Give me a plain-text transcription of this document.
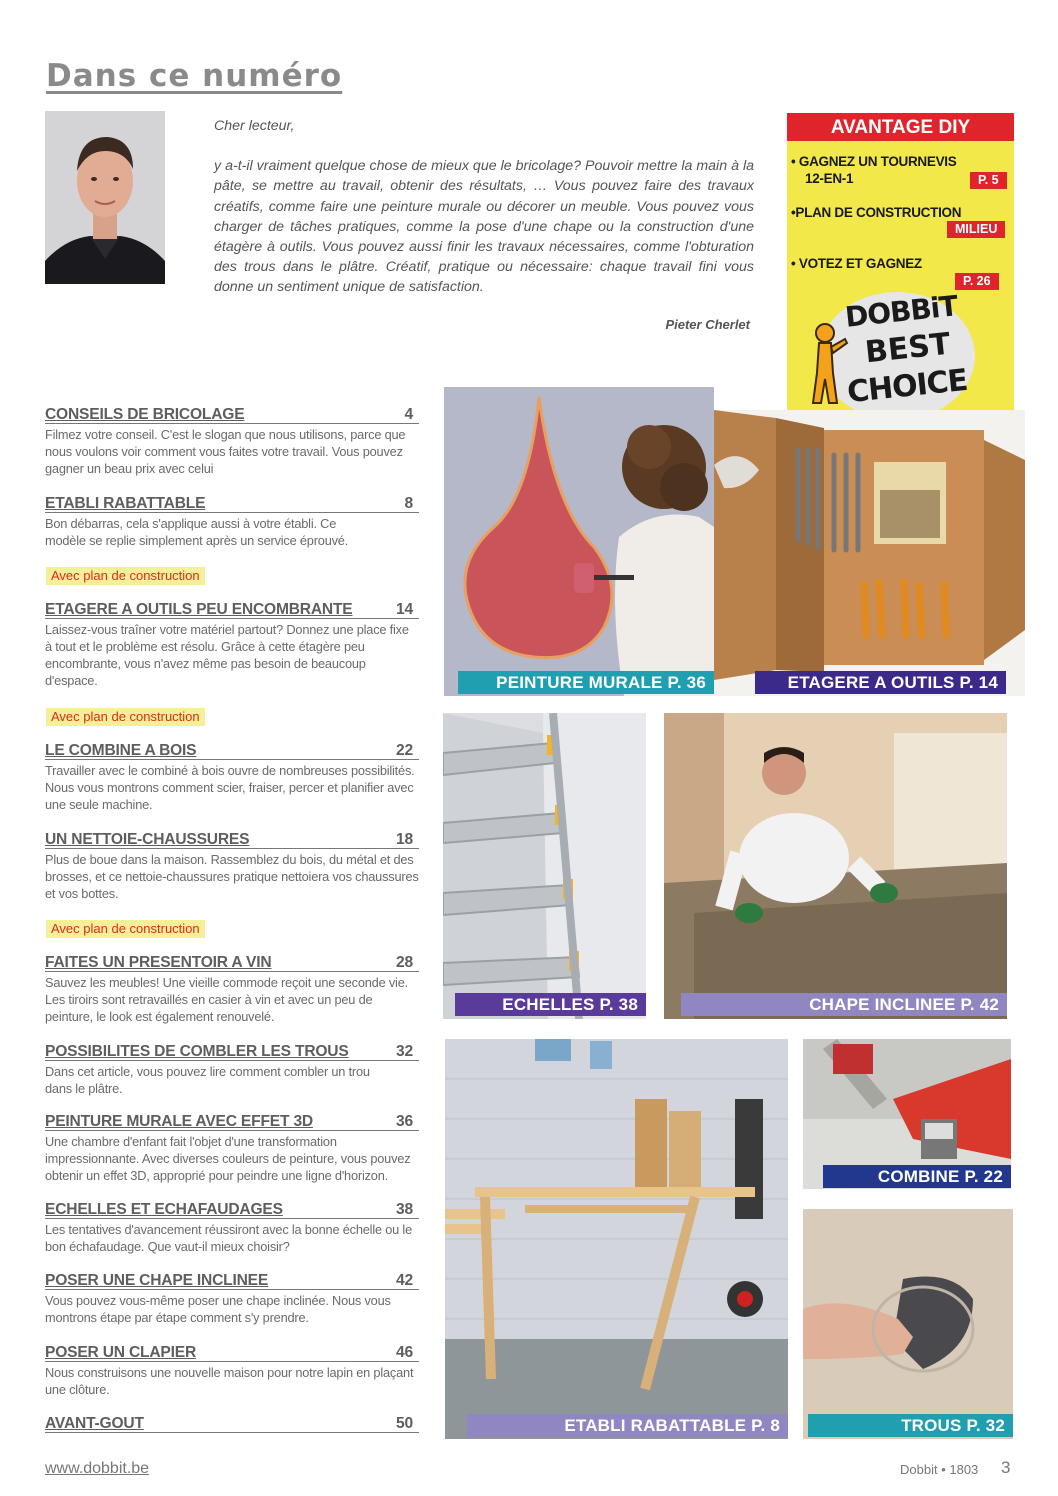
Dans ce numéro

Cher lecteur,

y a-t-il vraiment quelque chose de mieux que le bricolage? Pouvoir mettre la main à la pâte, se mettre au travail, obtenir des résultats, … Vous pouvez faire des travaux créatifs, comme faire une peinture murale ou décorer un meuble. Vous pouvez vous charger de tâches pratiques, comme la pose d'une chape ou la construction d'une étagère à outils. Vous pouvez aussi finir les travaux nécessaires, comme l'obturation des trous dans le plâtre. Créatif, pratique ou nécessaire: chaque travail fini vous donne un sentiment unique de satisfaction.

Pieter Cherlet
AVANTAGE DIY
• GAGNEZ UN TOURNEVIS
12-EN-1	P. 5
•PLAN DE CONSTRUCTION
MILIEU
• VOTEZ ET GAGNEZ
P. 26
DOBBiT
BEST
CHOICE
CONSEILS DE BRICOLAGE	4
Filmez votre conseil. C'est le slogan que nous utilisons, parce que nous voulons voir comment vous faites votre travail. Vous pouvez gagner un beau prix avec celui
ETABLI RABATTABLE	8
Bon débarras, cela s'applique aussi à votre établi. Ce modèle se replie simplement après un service éprouvé.
Avec plan de construction
ETAGERE A OUTILS PEU ENCOMBRANTE	14
Laissez-vous traîner votre matériel partout? Donnez une place fixe à tout et le problème est résolu. Grâce à cette étagère peu encombrante, vous n'avez même pas besoin de beaucoup d'espace.
Avec plan de construction
LE COMBINE A BOIS	22
Travailler avec le combiné à bois ouvre de nombreuses possibilités. Nous vous montrons comment scier, fraiser, percer et planifier avec une seule machine.
UN NETTOIE-CHAUSSURES	18
Plus de boue dans la maison. Rassemblez du bois, du métal et des brosses, et ce nettoie-chaussures pratique nettoiera vos chaussures et vos bottes.
Avec plan de construction
FAITES UN PRESENTOIR A VIN	28
Sauvez les meubles! Une vieille commode reçoit une seconde vie. Les tiroirs sont retravaillés en casier à vin et avec un peu de peinture, le look est également renouvelé.
POSSIBILITES DE COMBLER LES TROUS	32
Dans cet article, vous pouvez lire comment combler un trou dans le plâtre.
PEINTURE MURALE AVEC EFFET 3D	36
Une chambre d'enfant fait l'objet d'une transformation impressionnante. Avec diverses couleurs de peinture, vous pouvez obtenir un effet 3D, approprié pour peindre une ligne d'horizon.
ECHELLES ET ECHAFAUDAGES	38
Les tentatives d'avancement réussiront avec la bonne échelle ou le bon échafaudage. Que vaut-il mieux choisir?
POSER UNE CHAPE INCLINEE	42
Vous pouvez vous-même poser une chape inclinée. Nous vous montrons étape par étape comment s'y prendre.
POSER UN CLAPIER	46
Nous construisons une nouvelle maison pour notre lapin en plaçant une clôture.
AVANT-GOUT	50
PEINTURE MURALE P. 36	ETAGERE A OUTILS P. 14
ECHELLES P. 38	CHAPE INCLINEE P. 42
ETABLI RABATTABLE P. 8
COMBINE P. 22
TROUS P. 32
www.dobbit.be	Dobbit • 1803 3
